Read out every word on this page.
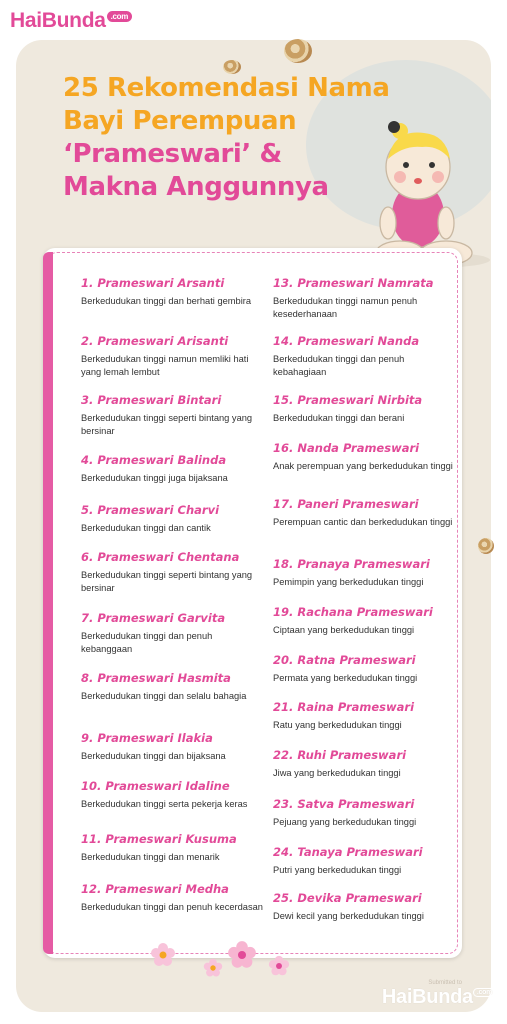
HaiBunda .com
25 Rekomendasi Nama
Bayi Perempuan
‘Prameswari’ &
Makna Anggunnya
1. Prameswari Arsanti
Berkedudukan tinggi dan berhati gembira
2. Prameswari Arisanti
Berkedudukan tinggi namun memliki hati yang lemah lembut
3. Prameswari Bintari
Berkedudukan tinggi seperti bintang yang bersinar
4. Prameswari Balinda
Berkedudukan tinggi juga bijaksana
5. Prameswari Charvi
Berkedudukan tinggi dan cantik
6. Prameswari Chentana
Berkedudukan tinggi seperti bintang yang bersinar
7. Prameswari Garvita
Berkedudukan tinggi dan penuh kebanggaan
8. Prameswari Hasmita
Berkedudukan tinggi dan selalu bahagia
9. Prameswari Ilakia
Berkedudukan tinggi dan bijaksana
10. Prameswari Idaline
Berkedudukan tinggi serta pekerja keras
11. Prameswari Kusuma
Berkedudukan tinggi dan menarik
12. Prameswari Medha
Berkedudukan tinggi dan penuh kecerdasan
13. Prameswari Namrata
Berkedudukan tinggi namun penuh kesederhanaan
14. Prameswari Nanda
Berkedudukan tinggi dan penuh kebahagiaan
15. Prameswari Nirbita
Berkedudukan tinggi dan berani
16. Nanda Prameswari
Anak perempuan yang berkedudukan tinggi
17. Paneri Prameswari
Perempuan cantic dan berkedudukan tinggi
18. Pranaya Prameswari
Pemimpin yang berkedudukan tinggi
19. Rachana Prameswari
Ciptaan yang berkedudukan tinggi
20. Ratna Prameswari
Permata yang berkedudukan tinggi
21. Raina Prameswari
Ratu yang berkedudukan tinggi
22. Ruhi Prameswari
Jiwa yang berkedudukan tinggi
23. Satva Prameswari
Pejuang yang berkedudukan tinggi
24. Tanaya Prameswari
Putri yang berkedudukan tinggi
25. Devika Prameswari
Dewi kecil yang berkedudukan tinggi
Submitted to
HaiBunda .com
